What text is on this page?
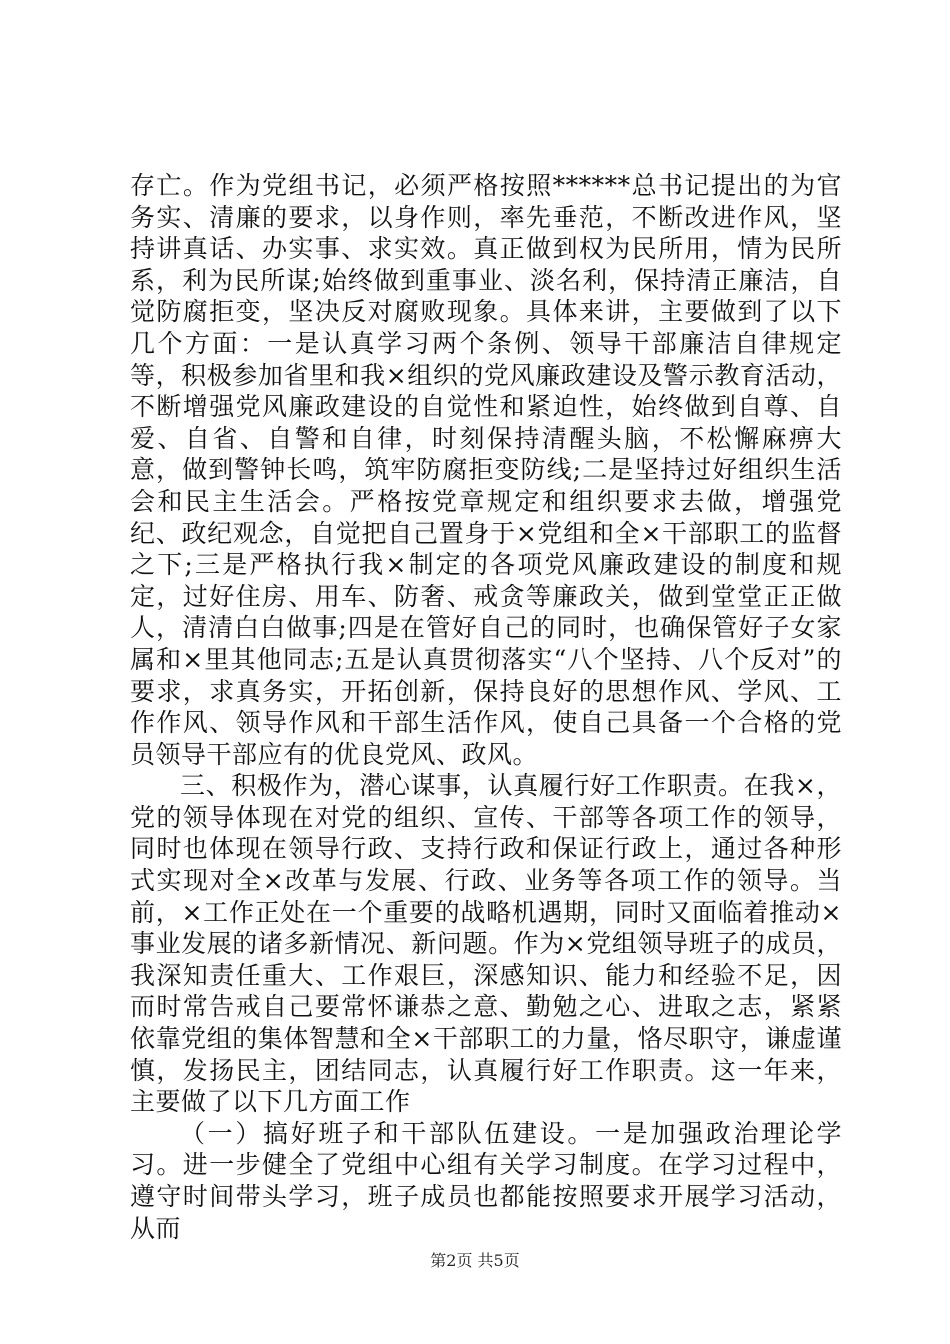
存亡。作为党组书记，必须严格按照******总书记提出的为官务实、清廉的要求，以身作则，率先垂范，不断改进作风，坚持讲真话、办实事、求实效。真正做到权为民所用，情为民所系，利为民所谋;始终做到重事业、淡名利，保持清正廉洁，自觉防腐拒变，坚决反对腐败现象。具体来讲，主要做到了以下几个方面：一是认真学习两个条例、领导干部廉洁自律规定等，积极参加省里和我×组织的党风廉政建设及警示教育活动，不断增强党风廉政建设的自觉性和紧迫性，始终做到自尊、自爱、自省、自警和自律，时刻保持清醒头脑，不松懈麻痹大意，做到警钟长鸣，筑牢防腐拒变防线;二是坚持过好组织生活会和民主生活会。严格按党章规定和组织要求去做，增强党纪、政纪观念，自觉把自己置身于×党组和全×干部职工的监督之下;三是严格执行我×制定的各项党风廉政建设的制度和规定，过好住房、用车、防奢、戒贪等廉政关，做到堂堂正正做人，清清白白做事;四是在管好自己的同时，也确保管好子女家属和×里其他同志;五是认真贯彻落实“八个坚持、八个反对”的要求，求真务实，开拓创新，保持良好的思想作风、学风、工作作风、领导作风和干部生活作风，使自己具备一个合格的党员领导干部应有的优良党风、政风。

三、积极作为，潜心谋事，认真履行好工作职责。在我×，党的领导体现在对党的组织、宣传、干部等各项工作的领导，同时也体现在领导行政、支持行政和保证行政上，通过各种形式实现对全×改革与发展、行政、业务等各项工作的领导。当前，×工作正处在一个重要的战略机遇期，同时又面临着推动×事业发展的诸多新情况、新问题。作为×党组领导班子的成员，我深知责任重大、工作艰巨，深感知识、能力和经验不足，因而时常告戒自己要常怀谦恭之意、勤勉之心、进取之志，紧紧依靠党组的集体智慧和全×干部职工的力量，恪尽职守，谦虚谨慎，发扬民主，团结同志，认真履行好工作职责。这一年来，主要做了以下几方面工作

（一）搞好班子和干部队伍建设。一是加强政治理论学习。进一步健全了党组中心组有关学习制度。在学习过程中，遵守时间带头学习，班子成员也都能按照要求开展学习活动，从而

第2页 共5页
